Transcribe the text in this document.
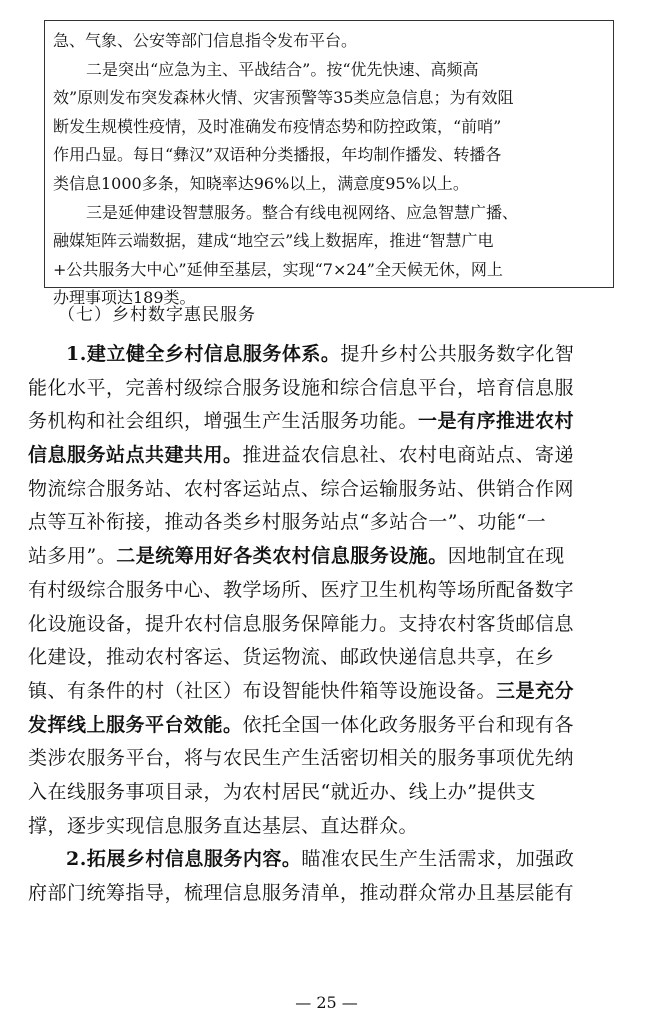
急、气象、公安等部门信息指令发布平台。
二是突出“应急为主、平战结合”。按“优先快速、高频高
效”原则发布突发森林火情、灾害预警等35类应急信息；为有效阻
断发生规模性疫情，及时准确发布疫情态势和防控政策，“前哨”
作用凸显。每日“彝汉”双语种分类播报，年均制作播发、转播各
类信息1000多条，知晓率达96%以上，满意度95%以上。
三是延伸建设智慧服务。整合有线电视网络、应急智慧广播、
融媒矩阵云端数据，建成“地空云”线上数据库，推进“智慧广电
+公共服务大中心”延伸至基层，实现“7×24”全天候无休，网上
办理事项达189类。
（七）乡村数字惠民服务
1.建立健全乡村信息服务体系。提升乡村公共服务数字化智
能化水平，完善村级综合服务设施和综合信息平台，培育信息服
务机构和社会组织，增强生产生活服务功能。一是有序推进农村
信息服务站点共建共用。推进益农信息社、农村电商站点、寄递
物流综合服务站、农村客运站点、综合运输服务站、供销合作网
点等互补衔接，推动各类乡村服务站点“多站合一”、功能“一
站多用”。二是统筹用好各类农村信息服务设施。因地制宜在现
有村级综合服务中心、教学场所、医疗卫生机构等场所配备数字
化设施设备，提升农村信息服务保障能力。支持农村客货邮信息
化建设，推动农村客运、货运物流、邮政快递信息共享，在乡
镇、有条件的村（社区）布设智能快件箱等设施设备。三是充分
发挥线上服务平台效能。依托全国一体化政务服务平台和现有各
类涉农服务平台，将与农民生产生活密切相关的服务事项优先纳
入在线服务事项目录，为农村居民“就近办、线上办”提供支
撑，逐步实现信息服务直达基层、直达群众。
2.拓展乡村信息服务内容。瞄准农民生产生活需求，加强政
府部门统筹指导，梳理信息服务清单，推动群众常办且基层能有
— 25 —
